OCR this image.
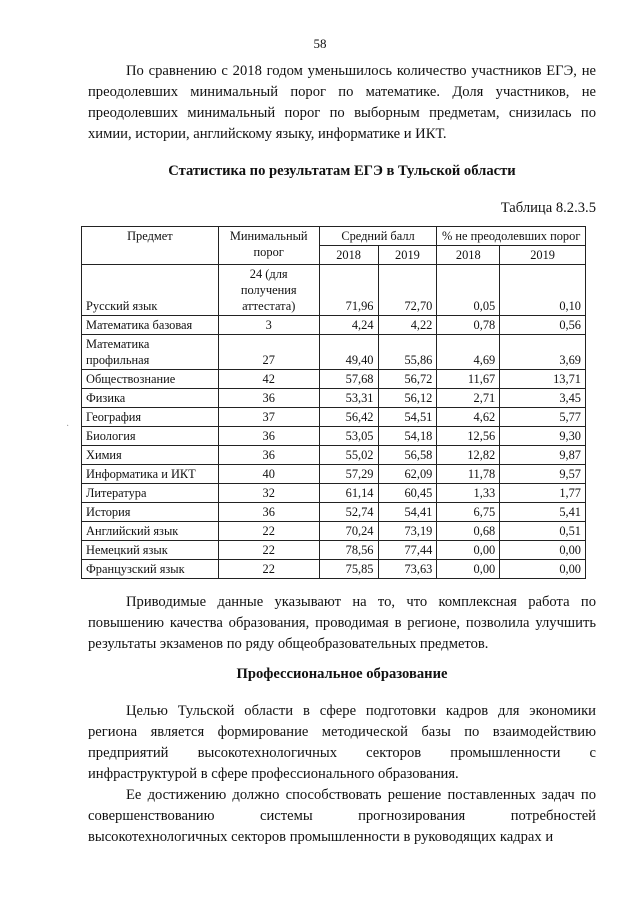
58

По сравнению с 2018 годом уменьшилось количество участников ЕГЭ, не преодолевших минимальный порог по математике. Доля участников, не преодолевших минимальный порог по выборным предметам, снизилась по химии, истории, английскому языку, информатике и ИКТ.

Статистика по результатам ЕГЭ в Тульской области
Таблица 8.2.3.5
Предмет	Минимальный порог	Средний балл		% не преодолевших порог	
		2018	2019	2018	2019
Русский язык	24 (для получения аттестата)	71,96	72,70	0,05	0,10
Математика базовая	3	4,24	4,22	0,78	0,56
Математика профильная	27	49,40	55,86	4,69	3,69
Обществознание	42	57,68	56,72	11,67	13,71
Физика	36	53,31	56,12	2,71	3,45
География	37	56,42	54,51	4,62	5,77
Биология	36	53,05	54,18	12,56	9,30
Химия	36	55,02	56,58	12,82	9,87
Информатика и ИКТ	40	57,29	62,09	11,78	9,57
Литература	32	61,14	60,45	1,33	1,77
История	36	52,74	54,41	6,75	5,41
Английский язык	22	70,24	73,19	0,68	0,51
Немецкий язык	22	78,56	77,44	0,00	0,00
Французский язык	22	75,85	73,63	0,00	0,00

Приводимые данные указывают на то, что комплексная работа по повышению качества образования, проводимая в регионе, позволила улучшить результаты экзаменов по ряду общеобразовательных предметов.

Профессиональное образование

Целью Тульской области в сфере подготовки кадров для экономики региона является формирование методической базы по взаимодействию предприятий высокотехнологичных секторов промышленности с инфраструктурой в сфере профессионального образования.

Ее достижению должно способствовать решение поставленных задач по совершенствованию системы прогнозирования потребностей высокотехнологичных секторов промышленности в руководящих кадрах и

·
